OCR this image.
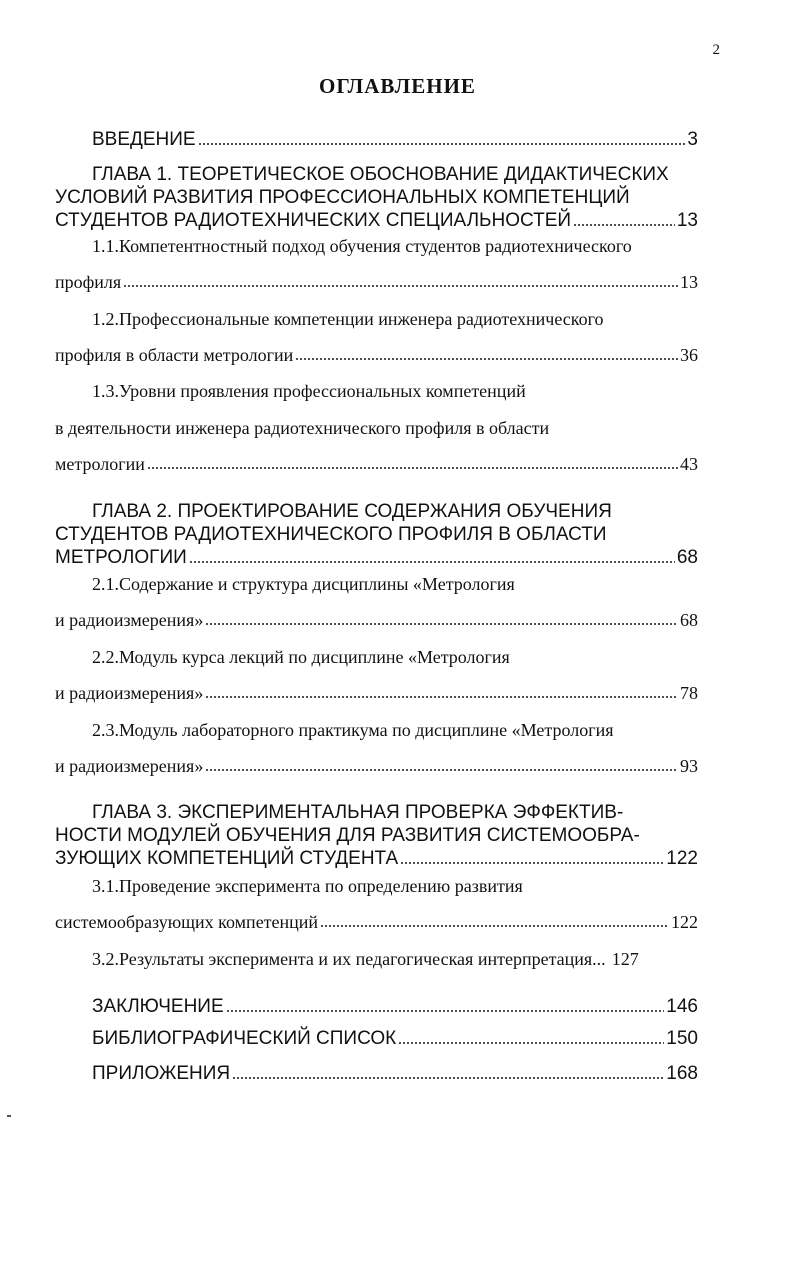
2
ОГЛАВЛЕНИЕ
ВВЕДЕНИЕ	3
ГЛАВА 1. ТЕОРЕТИЧЕСКОЕ ОБОСНОВАНИЕ ДИДАКТИЧЕСКИХ
УСЛОВИЙ РАЗВИТИЯ ПРОФЕССИОНАЛЬНЫХ КОМПЕТЕНЦИЙ
СТУДЕНТОВ РАДИОТЕХНИЧЕСКИХ СПЕЦИАЛЬНОСТЕЙ	13
1.1.Компетентностный подход обучения студентов радиотехнического
профиля	13
1.2.Профессиональные компетенции инженера радиотехнического
профиля в области метрологии	36
1.3.Уровни проявления профессиональных компетенций
в деятельности инженера радиотехнического профиля в области
метрологии	43
ГЛАВА 2. ПРОЕКТИРОВАНИЕ СОДЕРЖАНИЯ ОБУЧЕНИЯ
СТУДЕНТОВ РАДИОТЕХНИЧЕСКОГО ПРОФИЛЯ В ОБЛАСТИ
МЕТРОЛОГИИ	68
2.1.Содержание и структура дисциплины «Метрология
и радиоизмерения»	68
2.2.Модуль курса лекций по дисциплине «Метрология
и радиоизмерения»	78
2.3.Модуль лабораторного практикума по дисциплине «Метрология
и радиоизмерения»	93
ГЛАВА 3. ЭКСПЕРИМЕНТАЛЬНАЯ ПРОВЕРКА ЭФФЕКТИВ-
НОСТИ МОДУЛЕЙ ОБУЧЕНИЯ ДЛЯ РАЗВИТИЯ СИСТЕМООБРА-
ЗУЮЩИХ КОМПЕТЕНЦИЙ СТУДЕНТА	122
3.1.Проведение эксперимента по определению развития
системообразующих компетенций	122
3.2.Результаты эксперимента и их педагогическая интерпретация... 127
ЗАКЛЮЧЕНИЕ	146
БИБЛИОГРАФИЧЕСКИЙ СПИСОК	150
ПРИЛОЖЕНИЯ	168
